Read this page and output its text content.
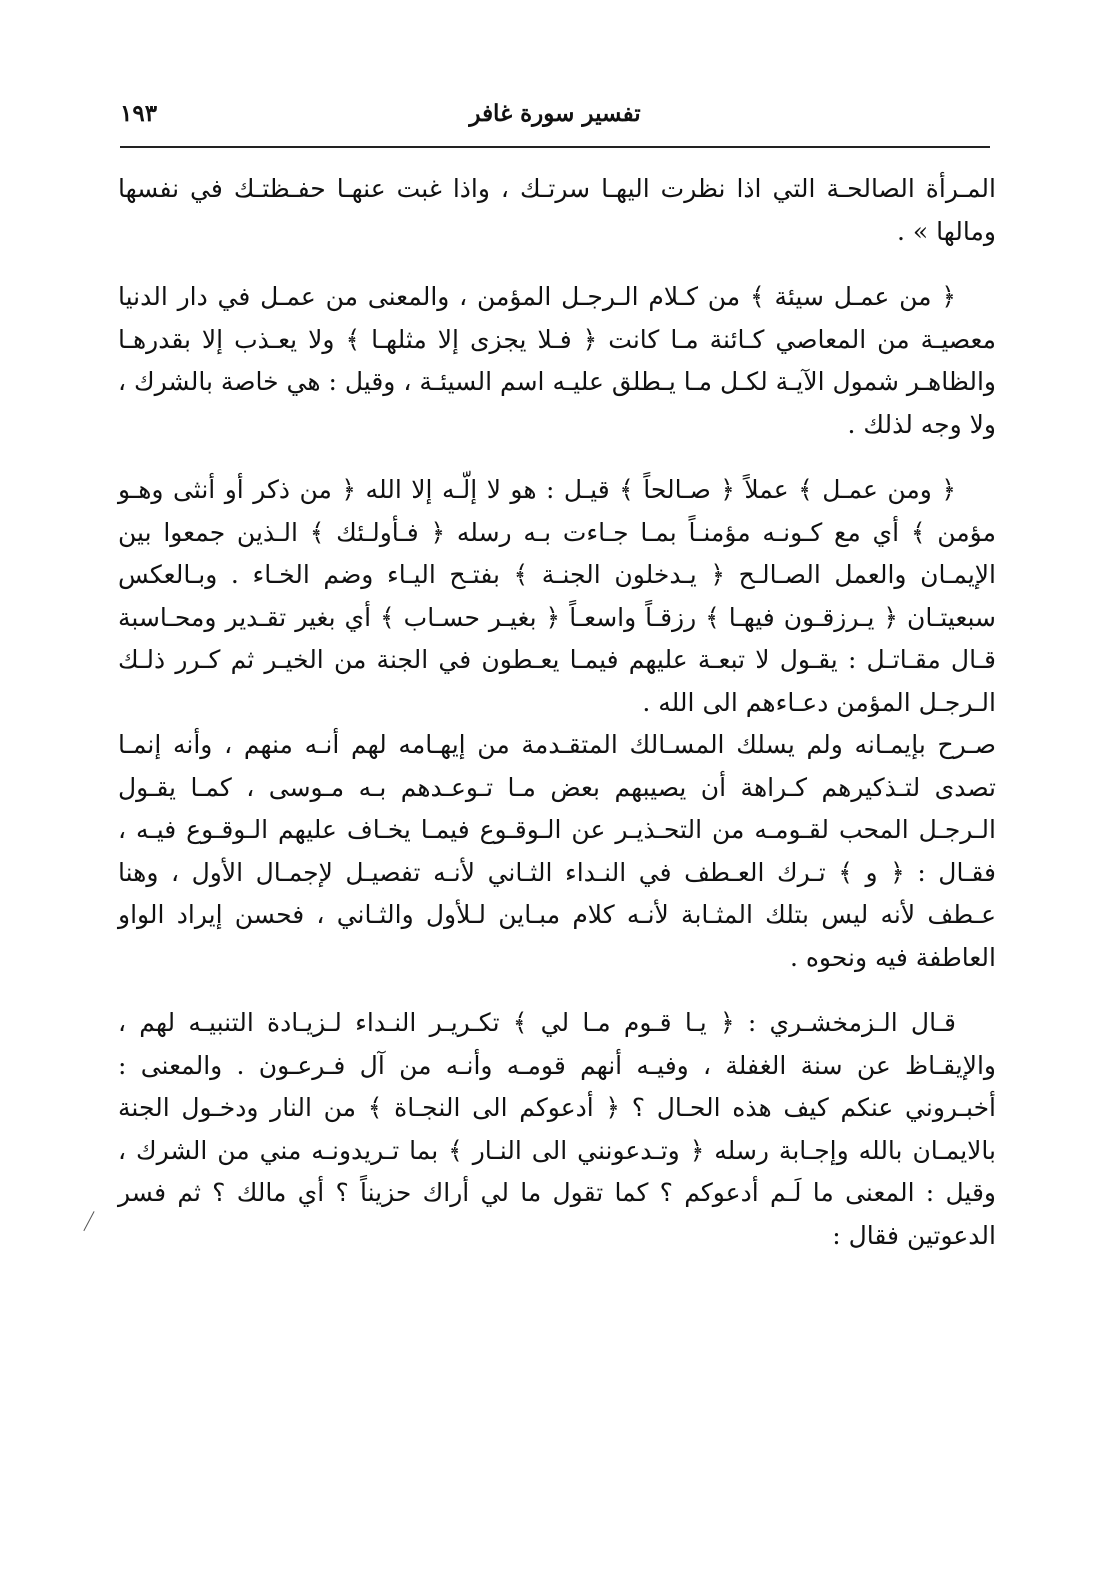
تفسير سورة غافر
١٩٣

المـرأة الصالحـة التي اذا نظرت اليهـا سرتـك ، واذا غبت عنهـا حفـظتـك في نفسها ومالها » .

﴿ من عمـل سيئة ﴾ من كـلام الـرجـل المؤمن ، والمعنى من عمـل في دار الدنيا معصيـة من المعاصي كـائنة مـا كانت ﴿ فـلا يجزى إلا مثلهـا ﴾ ولا يعـذب إلا بقدرهـا والظاهـر شمول الآيـة لكـل مـا يـطلق عليـه اسم السيئـة ، وقيل : هي خاصة بالشرك ، ولا وجه لذلك .

﴿ ومن عمـل ﴾ عملاً ﴿ صـالحاً ﴾ قيـل : هو لا إلّـه إلا الله ﴿ من ذكر أو أنثى وهـو مؤمن ﴾ أي مع كـونـه مؤمنـاً بمـا جـاءت بـه رسله ﴿ فـأولـئك ﴾ الـذين جمعوا بين الإيمـان والعمل الصـالـح ﴿ يـدخلون الجنـة ﴾ بفتـح اليـاء وضم الخـاء . وبـالعكس سبعيتـان ﴿ يـرزقـون فيهـا ﴾ رزقـاً واسعـاً ﴿ بغيـر حسـاب ﴾ أي بغير تقـدير ومحـاسبة قـال مقـاتـل : يقـول لا تبعـة عليهم فيمـا يعـطون في الجنة من الخيـر ثم كـرر ذلـك الـرجـل المؤمن دعـاءهم الى الله .

صـرح بإيمـانه ولم يسلك المسـالك المتقـدمة من إيهـامه لهم أنـه منهم ، وأنه إنمـا تصدى لتـذكيرهم كـراهة أن يصيبهم بعض مـا تـوعـدهم بـه مـوسى ، كمـا يقـول الـرجـل المحب لقـومـه من التحـذيـر عن الـوقـوع فيمـا يخـاف عليهم الـوقـوع فيـه ، فقـال : ﴿ و ﴾ تـرك العـطف في النـداء الثـاني لأنـه تفصيـل لإجمـال الأول ، وهنا عـطف لأنه ليس بتلك المثـابة لأنـه كلام مبـاين لـلأول والثـاني ، فحسن إيراد الواو العاطفة فيه ونحوه .

قـال الـزمخشـري : ﴿ يـا قـوم مـا لي ﴾ تكـريـر النـداء لـزيـادة التنبيـه لهم ، والإيقـاظ عن سنة الغفلة ، وفيـه أنهم قومـه وأنـه من آل فـرعـون . والمعنى : أخبـروني عنكم كيف هذه الحـال ؟ ﴿ أدعوكم الى النجـاة ﴾ من النار ودخـول الجنة بالايمـان بالله وإجـابة رسله ﴿ وتـدعونني الى النـار ﴾ بما تـريدونـه مني من الشرك ، وقيل : المعنى ما لَـم أدعوكم ؟ كما تقول ما لي أراك حزيناً ؟ أي مالك ؟ ثم فسر الدعوتين فقال :
